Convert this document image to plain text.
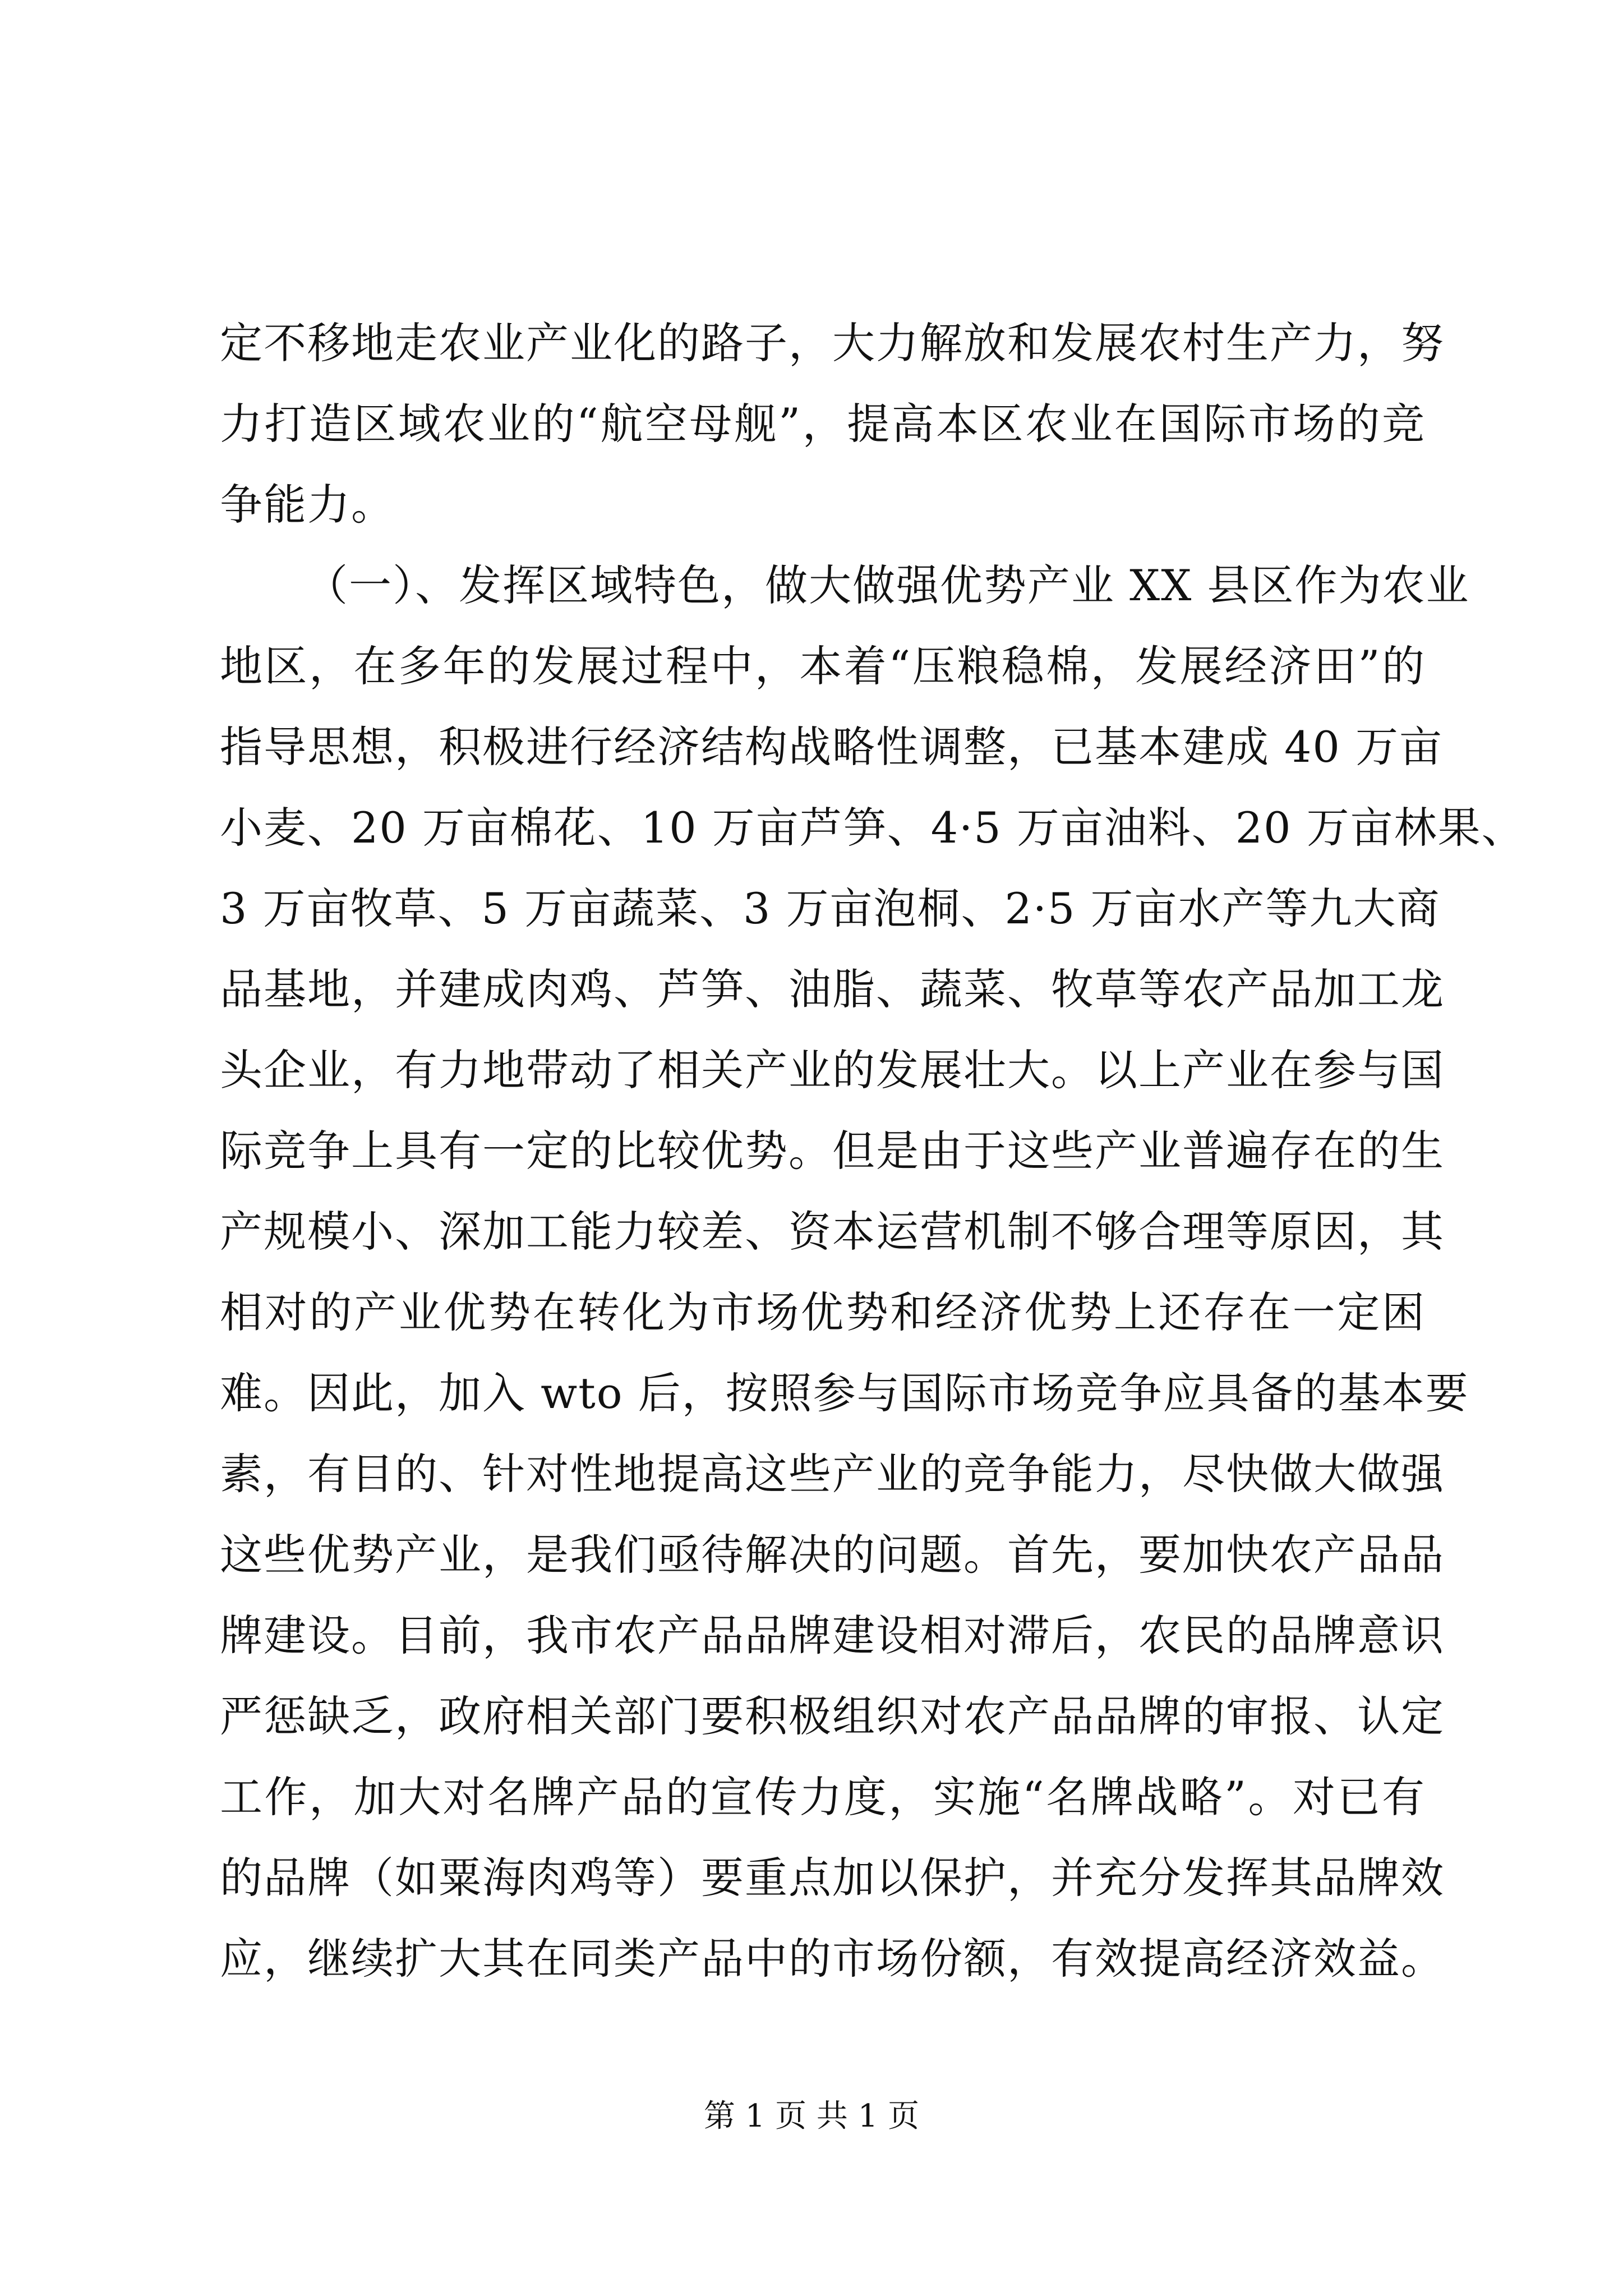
定不移地走农业产业化的路子，大力解放和发展农村生产力，努
力打造区域农业的“航空母舰”，提高本区农业在国际市场的竞
争能力。
（一）、发挥区域特色，做大做强优势产业 XX 县区作为农业
地区，在多年的发展过程中，本着“压粮稳棉，发展经济田”的
指导思想，积极进行经济结构战略性调整，已基本建成 40 万亩
小麦、20 万亩棉花、10 万亩芦笋、4·5 万亩油料、20 万亩林果、
3 万亩牧草、5 万亩蔬菜、3 万亩泡桐、2·5 万亩水产等九大商
品基地，并建成肉鸡、芦笋、油脂、蔬菜、牧草等农产品加工龙
头企业，有力地带动了相关产业的发展壮大。以上产业在参与国
际竞争上具有一定的比较优势。但是由于这些产业普遍存在的生
产规模小、深加工能力较差、资本运营机制不够合理等原因，其
相对的产业优势在转化为市场优势和经济优势上还存在一定困
难。因此，加入 wto 后，按照参与国际市场竞争应具备的基本要
素，有目的、针对性地提高这些产业的竞争能力，尽快做大做强
这些优势产业，是我们亟待解决的问题。首先，要加快农产品品
牌建设。目前，我市农产品品牌建设相对滞后，农民的品牌意识
严惩缺乏，政府相关部门要积极组织对农产品品牌的审报、认定
工作，加大对名牌产品的宣传力度，实施“名牌战略”。对已有
的品牌（如粟海肉鸡等）要重点加以保护，并充分发挥其品牌效
应，继续扩大其在同类产品中的市场份额，有效提高经济效益。
第 1 页 共 1 页
